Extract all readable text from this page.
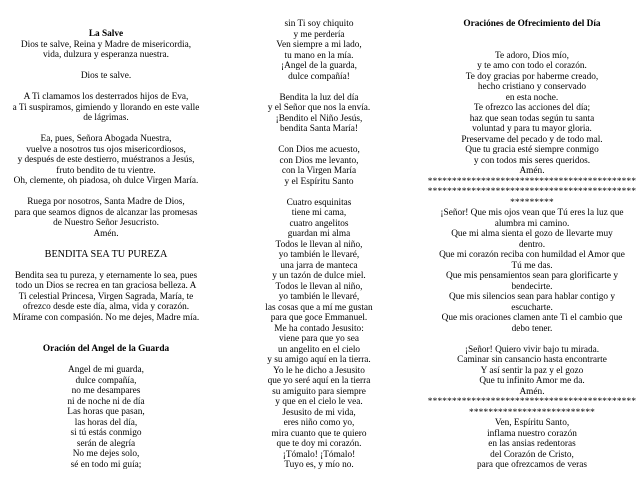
La Salve
Dios te salve, Reina y Madre de misericordia,
vida, dulzura y esperanza nuestra.
Dios te salve.
A Ti clamamos los desterrados hijos de Eva,
a Ti suspiramos, gimiendo y llorando en este valle
de lágrimas.
Ea, pues, Señora Abogada Nuestra,
vuelve a nosotros tus ojos misericordiosos,
y después de este destierro, muéstranos a Jesús,
fruto bendito de tu vientre.
Oh, clemente, oh piadosa, oh dulce Virgen María.
Ruega por nosotros, Santa Madre de Dios,
para que seamos dignos de alcanzar las promesas
de Nuestro Señor Jesucristo.
Amén.
BENDITA SEA TU PUREZA
Bendita sea tu pureza, y eternamente lo sea, pues
todo un Dios se recrea en tan graciosa belleza. A
Ti celestial Princesa, Virgen Sagrada, María, te
ofrezco desde este día, alma, vida y corazón.
Mírame con compasión. No me dejes, Madre mía.
Oración del Angel de la Guarda
Angel de mi guarda,
dulce compañía,
no me desampares
ni de noche ni de día
Las horas que pasan,
las horas del día,
si tú estás conmigo
serán de alegría
No me dejes solo,
sé en todo mi guía;
sin Ti soy chiquito
y me perdería
Ven siempre a mi lado,
tu mano en la mía.
¡Angel de la guarda,
dulce compañía!
Bendita la luz del día
y el Señor que nos la envía.
¡Bendito el Niño Jesús,
bendita Santa María!
Con Dios me acuesto,
con Dios me levanto,
con la Virgen María
y el Espíritu Santo
Cuatro esquinitas
tiene mi cama,
cuatro angelitos
guardan mi alma
Todos le llevan al niño,
yo también le llevaré,
una jarra de manteca
y un tazón de dulce miel.
Todos le llevan al niño,
yo también le llevaré,
las cosas que a mí me gustan
para que goce Emmanuel.
Me ha contado Jesusito:
viene para que yo sea
un angelito en el cielo
y su amigo aquí en la tierra.
Yo le he dicho a Jesusito
que yo seré aquí en la tierra
su amiguito para siempre
y que en el cielo le vea.
Jesusito de mi vida,
eres niño como yo,
mira cuanto que te quiero
que te doy mi corazón.
¡Tómalo! ¡Tómalo!
Tuyo es, y mío no.
Oraciónes de Ofrecimiento del Día
Te adoro, Dios mío,
y te amo con todo el corazón.
Te doy gracias por haberme creado,
hecho cristiano y conservado
en esta noche.
Te ofrezco las acciones del día;
haz que sean todas según tu santa
voluntad y para tu mayor gloria.
Preservame del pecado y de todo mal.
Que tu gracia esté siempre conmigo
y con todos mis seres queridos.
Amén.
*******************************************
*******************************************
*********
¡Señor! Que mis ojos vean que Tú eres la luz que
alumbra mi camino.
Que mi alma sienta el gozo de llevarte muy
dentro.
Que mi corazón reciba con humildad el Amor que
Tú me das.
Que mis pensamientos sean para glorificarte y
bendecirte.
Que mis silencios sean para hablar contigo y
escucharte.
Que mis oraciones clamen ante Ti el cambio que
debo tener.
¡Señor! Quiero vivir bajo tu mirada.
Caminar sin cansancio hasta encontrarte
Y así sentir la paz y el gozo
Que tu infinito Amor me da.
Amén.
*******************************************
**************************
Ven, Espíritu Santo,
inflama nuestro corazón
en las ansias redentoras
del Corazón de Cristo,
para que ofrezcamos de veras
